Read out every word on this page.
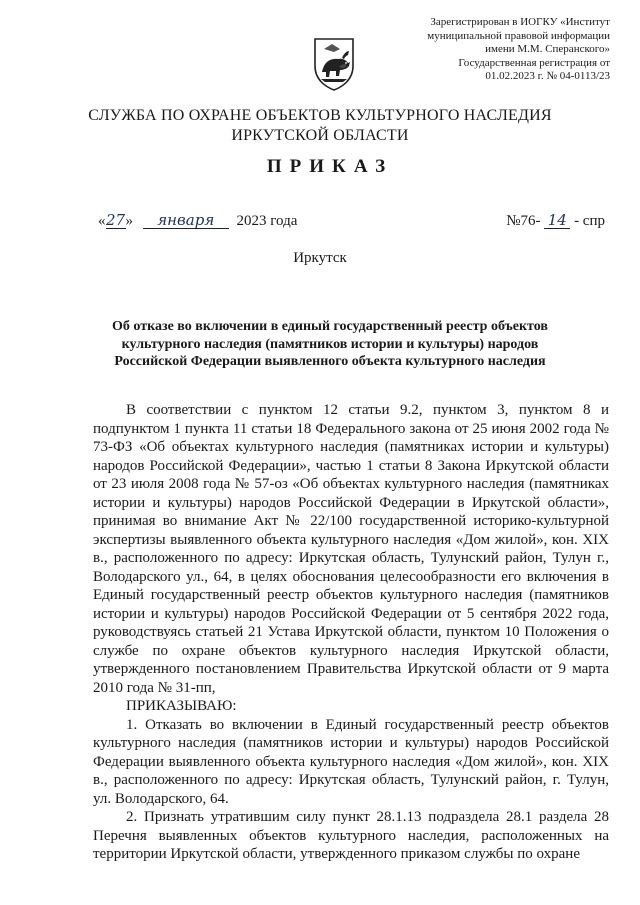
Зарегистрирован в ИОГКУ «Институт
муниципальной правовой информации
имени М.М. Сперанского»
Государственная регистрация от
01.02.2023 г. № 04-0113/23
СЛУЖБА ПО ОХРАНЕ ОБЪЕКТОВ КУЛЬТУРНОГО НАСЛЕДИЯ
ИРКУТСКОЙ ОБЛАСТИ
ПРИКАЗ
«27» января 2023 года	№76- 14 - спр
Иркутск
Об отказе во включении в единый государственный реестр объектов
культурного наследия (памятников истории и культуры) народов
Российской Федерации выявленного объекта культурного наследия

В соответствии с пунктом 12 статьи 9.2, пунктом 3, пунктом 8 и подпунктом 1 пункта 11 статьи 18 Федерального закона от 25 июня 2002 года № 73-ФЗ «Об объектах культурного наследия (памятниках истории и культуры) народов Российской Федерации», частью 1 статьи 8 Закона Иркутской области от 23 июля 2008 года № 57-оз «Об объектах культурного наследия (памятниках истории и культуры) народов Российской Федерации в Иркутской области», принимая во внимание Акт № 22/100 государственной историко-культурной экспертизы выявленного объекта культурного наследия «Дом жилой», кон. XIX в., расположенного по адресу: Иркутская область, Тулунский район, Тулун г., Володарского ул., 64, в целях обоснования целесообразности его включения в Единый государственный реестр объектов культурного наследия (памятников истории и культуры) народов Российской Федерации от 5 сентября 2022 года, руководствуясь статьей 21 Устава Иркутской области, пунктом 10 Положения о службе по охране объектов культурного наследия Иркутской области, утвержденного постановлением Правительства Иркутской области от 9 марта 2010 года № 31-пп,

ПРИКАЗЫВАЮ:

1. Отказать во включении в Единый государственный реестр объектов культурного наследия (памятников истории и культуры) народов Российской Федерации выявленного объекта культурного наследия «Дом жилой», кон. XIX в., расположенного по адресу: Иркутская область, Тулунский район, г. Тулун, ул. Володарского, 64.

2. Признать утратившим силу пункт 28.1.13 подраздела 28.1 раздела 28 Перечня выявленных объектов культурного наследия, расположенных на территории Иркутской области, утвержденного приказом службы по охране
